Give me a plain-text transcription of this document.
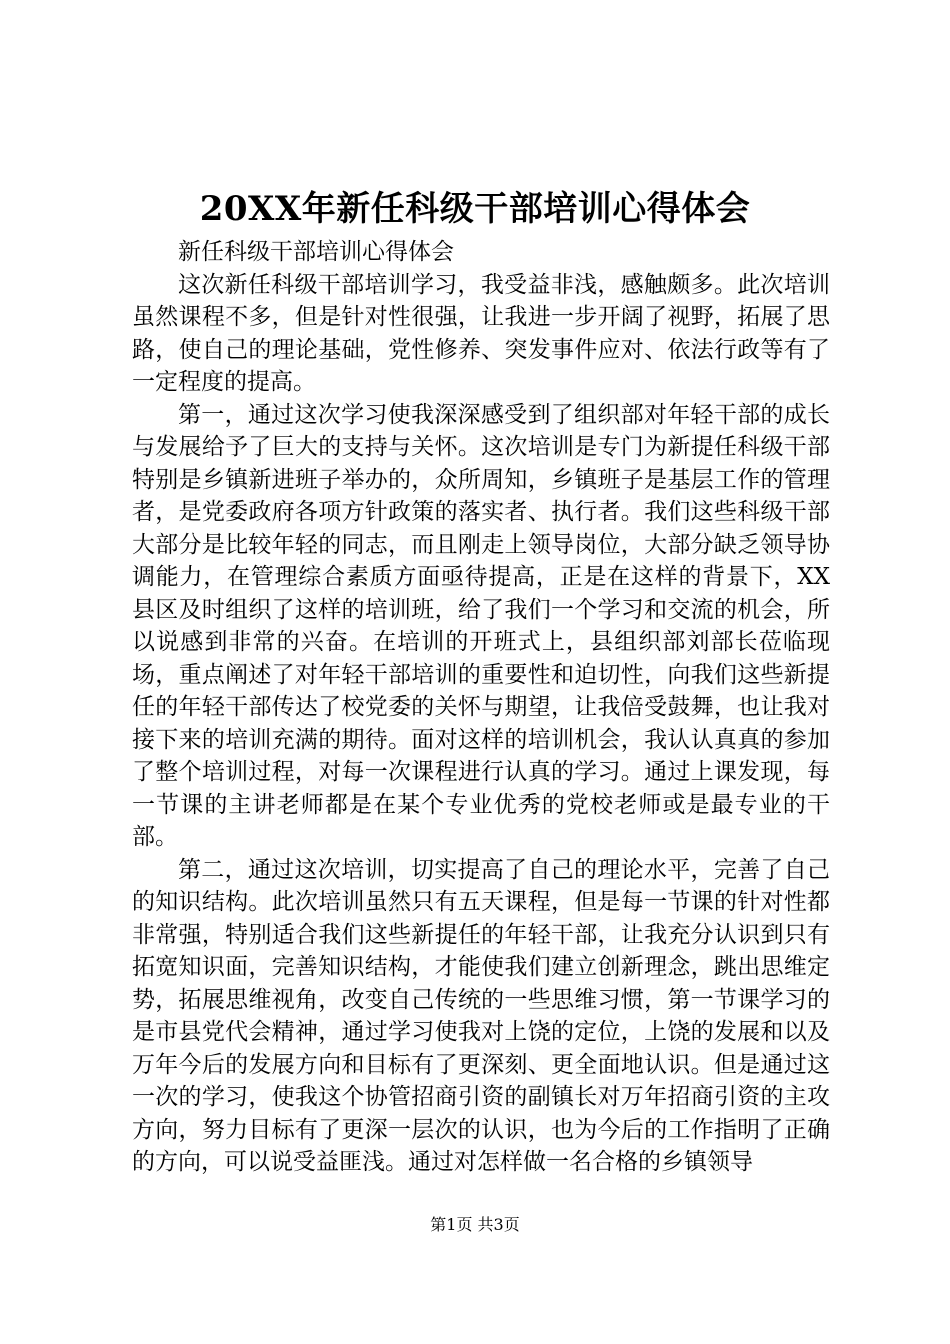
20XX年新任科级干部培训心得体会

新任科级干部培训心得体会

这次新任科级干部培训学习，我受益非浅，感触颇多。此次培训虽然课程不多，但是针对性很强，让我进一步开阔了视野，拓展了思路，使自己的理论基础，党性修养、突发事件应对、依法行政等有了一定程度的提高。

第一，通过这次学习使我深深感受到了组织部对年轻干部的成长与发展给予了巨大的支持与关怀。这次培训是专门为新提任科级干部特别是乡镇新进班子举办的，众所周知，乡镇班子是基层工作的管理者，是党委政府各项方针政策的落实者、执行者。我们这些科级干部大部分是比较年轻的同志，而且刚走上领导岗位，大部分缺乏领导协调能力，在管理综合素质方面亟待提高，正是在这样的背景下，XX县区及时组织了这样的培训班，给了我们一个学习和交流的机会，所以说感到非常的兴奋。在培训的开班式上，县组织部刘部长莅临现场，重点阐述了对年轻干部培训的重要性和迫切性，向我们这些新提任的年轻干部传达了校党委的关怀与期望，让我倍受鼓舞，也让我对接下来的培训充满的期待。面对这样的培训机会，我认认真真的参加了整个培训过程，对每一次课程进行认真的学习。通过上课发现，每一节课的主讲老师都是在某个专业优秀的党校老师或是最专业的干部。

第二，通过这次培训，切实提高了自己的理论水平，完善了自己的知识结构。此次培训虽然只有五天课程，但是每一节课的针对性都非常强，特别适合我们这些新提任的年轻干部，让我充分认识到只有拓宽知识面，完善知识结构，才能使我们建立创新理念，跳出思维定势，拓展思维视角，改变自己传统的一些思维习惯，第一节课学习的是市县党代会精神，通过学习使我对上饶的定位，上饶的发展和以及万年今后的发展方向和目标有了更深刻、更全面地认识。但是通过这一次的学习，使我这个协管招商引资的副镇长对万年招商引资的主攻方向，努力目标有了更深一层次的认识，也为今后的工作指明了正确的方向，可以说受益匪浅。通过对怎样做一名合格的乡镇领导

第1页 共3页
